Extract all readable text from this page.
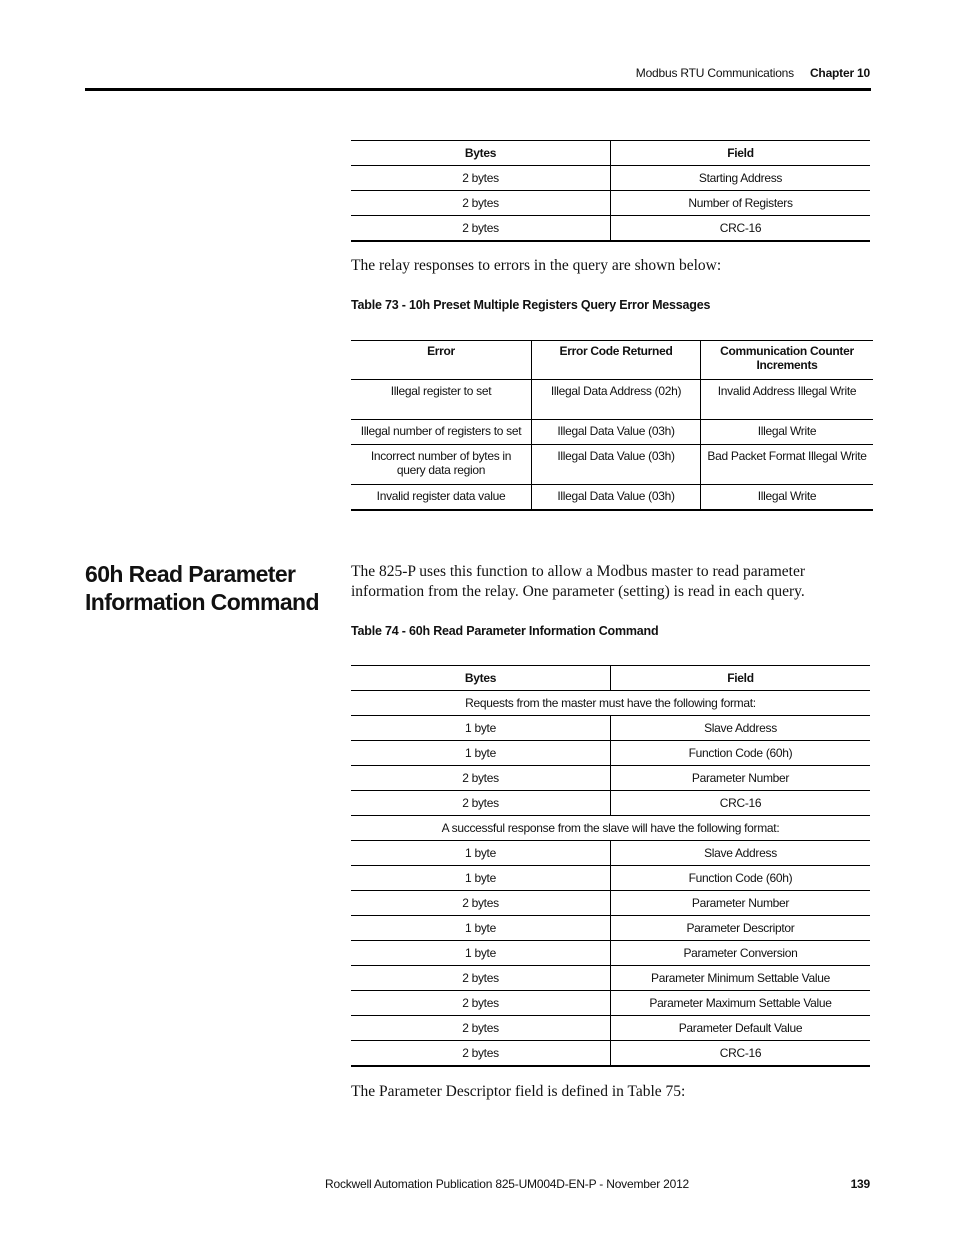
Modbus RTU Communications Chapter 10
Bytes	Field
2 bytes	Starting Address
2 bytes	Number of Registers
2 bytes	CRC-16
The relay responses to errors in the query are shown below:
Table 73 - 10h Preset Multiple Registers Query Error Messages
Error	Error Code Returned	Communication Counter Increments
Illegal register to set	Illegal Data Address (02h)	Invalid Address Illegal Write
Illegal number of registers to set	Illegal Data Value (03h)	Illegal Write
Incorrect number of bytes in query data region	Illegal Data Value (03h)	Bad Packet Format Illegal Write
Invalid register data value	Illegal Data Value (03h)	Illegal Write
60h Read Parameter Information Command
The 825-P uses this function to allow a Modbus master to read parameter information from the relay. One parameter (setting) is read in each query.
Table 74 - 60h Read Parameter Information Command
Bytes	Field
Requests from the master must have the following format:	
1 byte	Slave Address
1 byte	Function Code (60h)
2 bytes	Parameter Number
2 bytes	CRC-16
A successful response from the slave will have the following format:	
1 byte	Slave Address
1 byte	Function Code (60h)
2 bytes	Parameter Number
1 byte	Parameter Descriptor
1 byte	Parameter Conversion
2 bytes	Parameter Minimum Settable Value
2 bytes	Parameter Maximum Settable Value
2 bytes	Parameter Default Value
2 bytes	CRC-16
The Parameter Descriptor field is defined in Table 75:
Rockwell Automation Publication 825-UM004D-EN-P - November 2012	139
